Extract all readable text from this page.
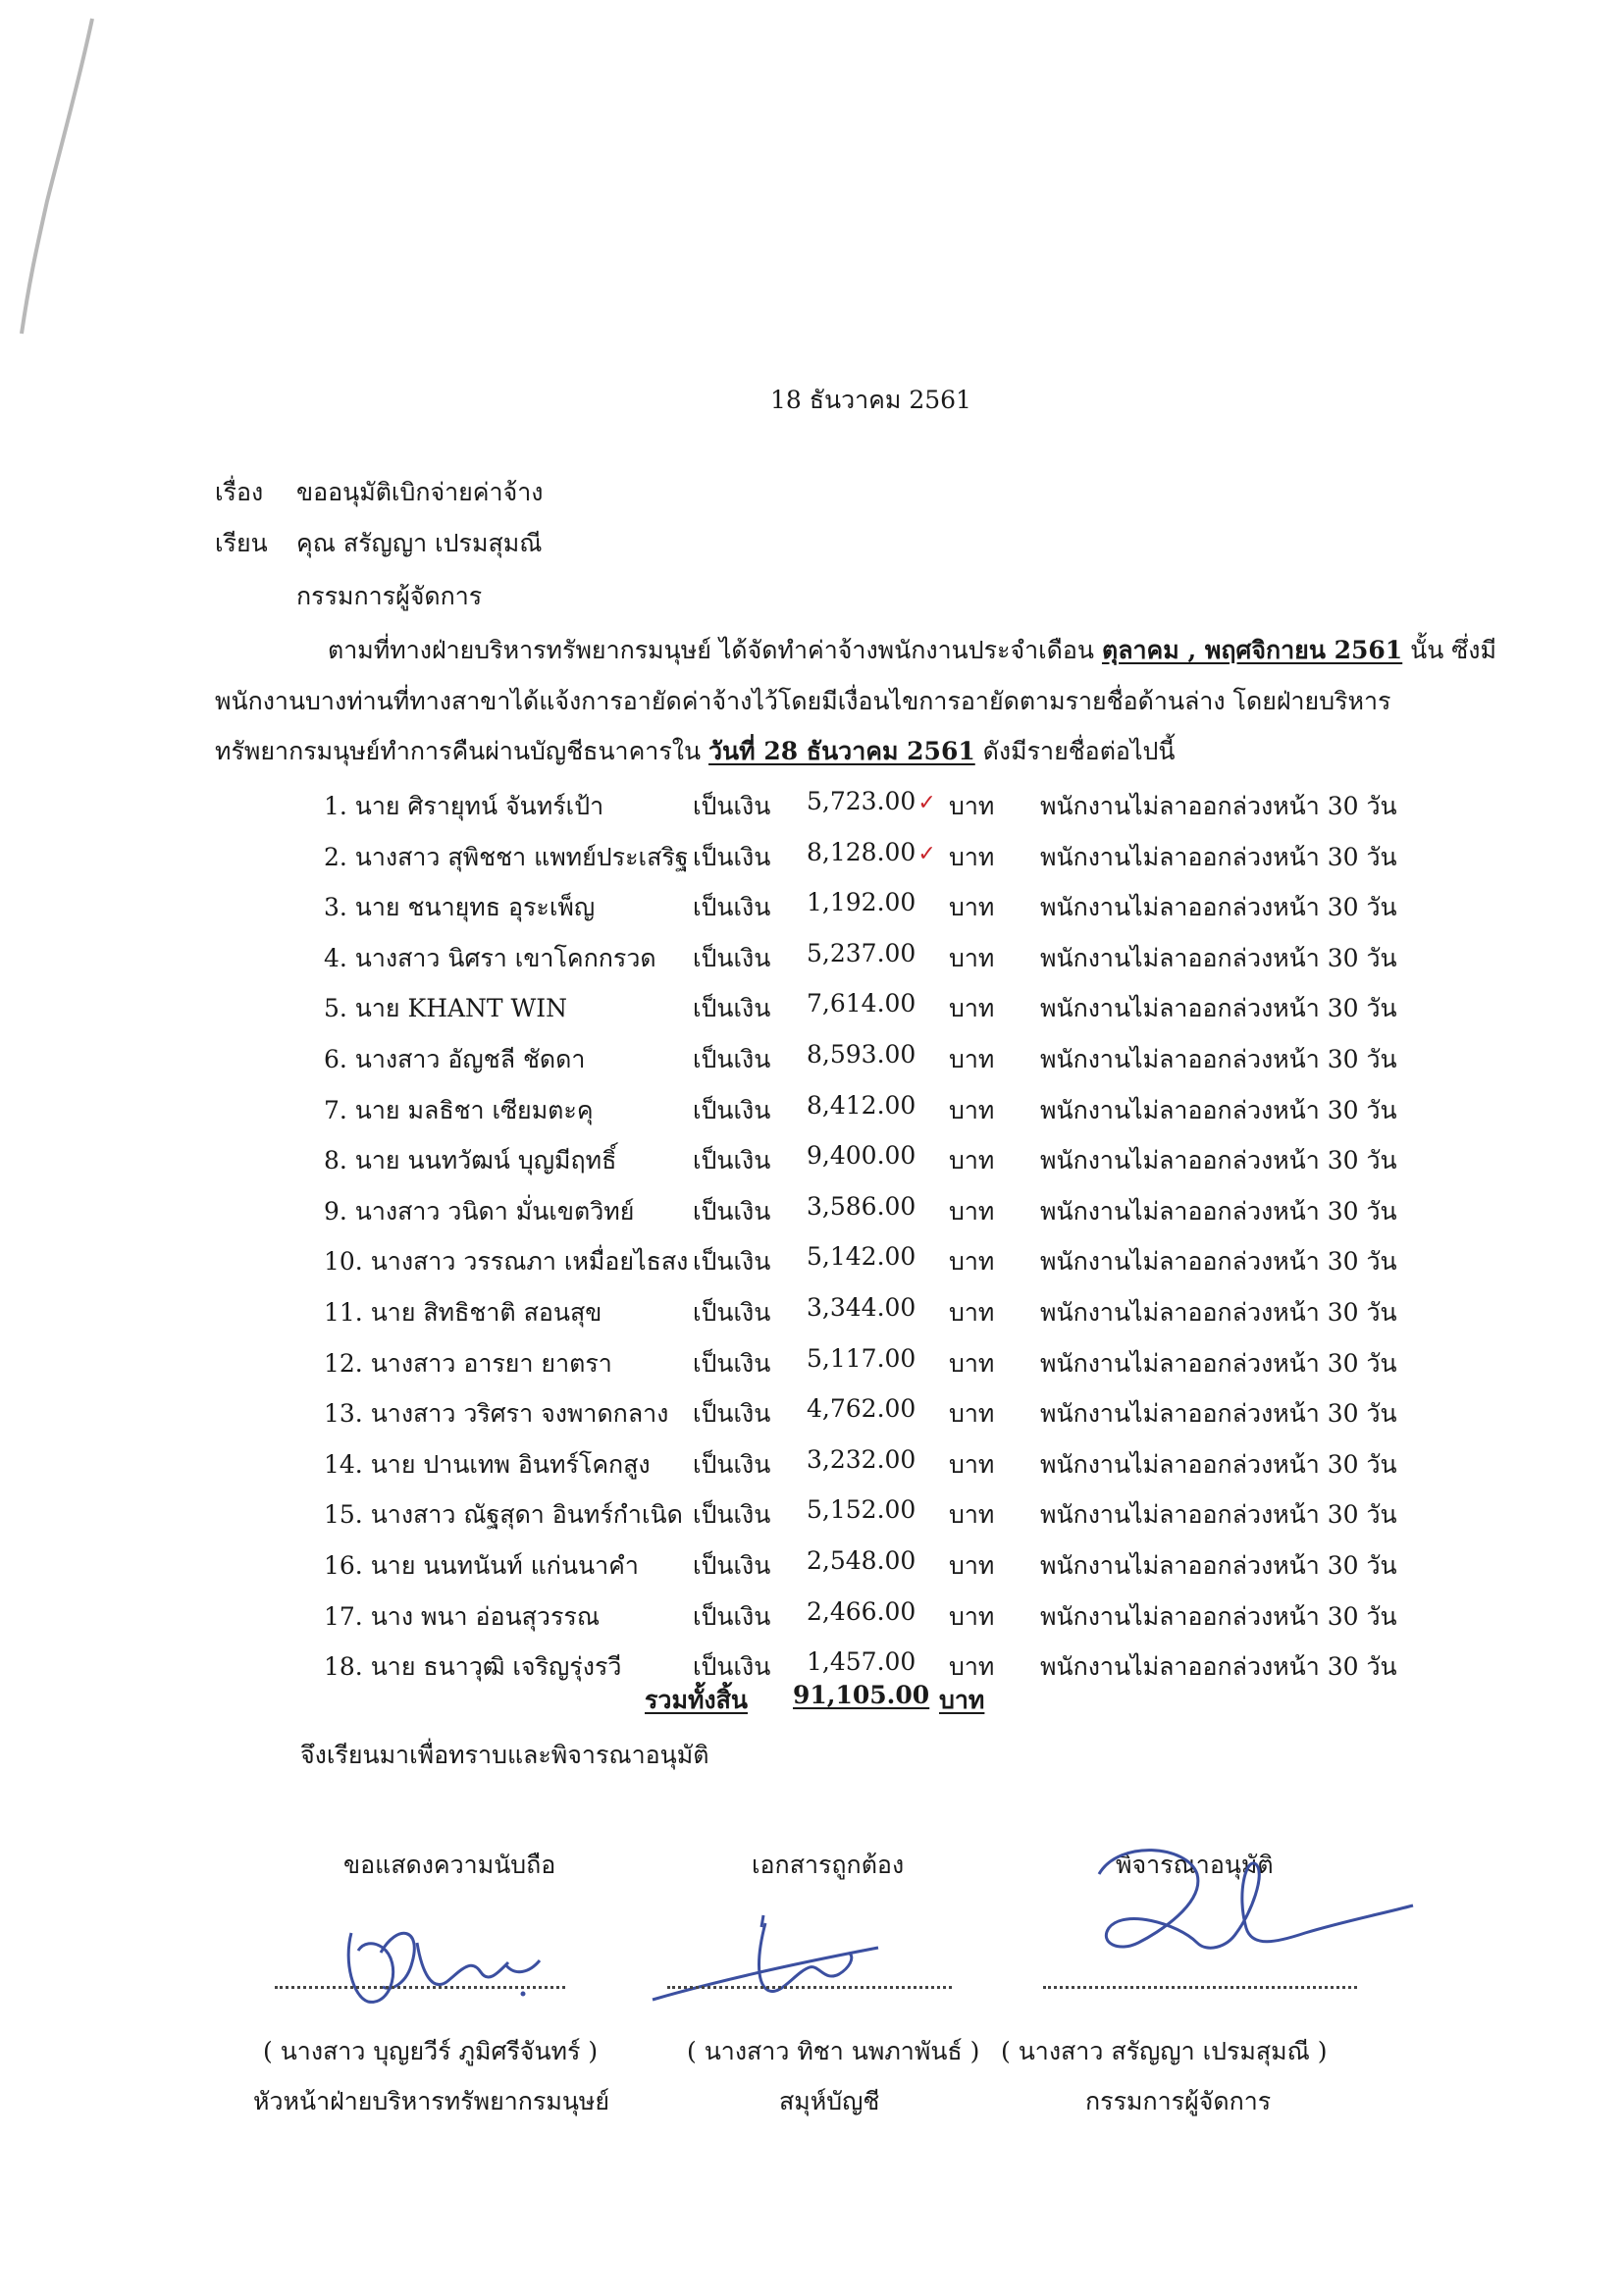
18 ธันวาคม 2561
เรื่อง ขออนุมัติเบิกจ่ายค่าจ้าง
เรียน คุณ สรัญญา เปรมสุมณี
กรรมการผู้จัดการ
ตามที่ทางฝ่ายบริหารทรัพยากรมนุษย์ ได้จัดทำค่าจ้างพนักงานประจำเดือน ตุลาคม , พฤศจิกายน 2561 นั้น ซึ่งมี
พนักงานบางท่านที่ทางสาขาได้แจ้งการอายัดค่าจ้างไว้โดยมีเงื่อนไขการอายัดตามรายชื่อด้านล่าง โดยฝ่ายบริหาร
ทรัพยากรมนุษย์ทำการคืนผ่านบัญชีธนาคารใน วันที่ 28 ธันวาคม 2561 ดังมีรายชื่อต่อไปนี้
1. นาย ศิรายุทน์ จันทร์เป้า	เป็นเงิน 5,723.00✓ บาท พนักงานไม่ลาออกล่วงหน้า 30 วัน
2. นางสาว สุพิชชา แพทย์ประเสริฐ เป็นเงิน 8,128.00✓ บาท พนักงานไม่ลาออกล่วงหน้า 30 วัน
3. นาย ชนายุทธ อุระเพ็ญ	เป็นเงิน 1,192.00 บาท พนักงานไม่ลาออกล่วงหน้า 30 วัน
4. นางสาว นิศรา เขาโคกกรวด เป็นเงิน 5,237.00 บาท พนักงานไม่ลาออกล่วงหน้า 30 วัน
5. นาย KHANT WIN	เป็นเงิน 7,614.00 บาท พนักงานไม่ลาออกล่วงหน้า 30 วัน
6. นางสาว อัญชลี ชัดดา	เป็นเงิน 8,593.00 บาท พนักงานไม่ลาออกล่วงหน้า 30 วัน
7. นาย มลธิชา เซียมตะคุ	เป็นเงิน 8,412.00 บาท พนักงานไม่ลาออกล่วงหน้า 30 วัน
8. นาย นนทวัฒน์ บุญมีฤทธิ์	เป็นเงิน 9,400.00 บาท พนักงานไม่ลาออกล่วงหน้า 30 วัน
9. นางสาว วนิดา มั่นเขตวิทย์ เป็นเงิน 3,586.00 บาท พนักงานไม่ลาออกล่วงหน้า 30 วัน
10. นางสาว วรรณภา เหมื่อยไธสง เป็นเงิน 5,142.00 บาท พนักงานไม่ลาออกล่วงหน้า 30 วัน
11. นาย สิทธิชาติ สอนสุข	เป็นเงิน 3,344.00 บาท พนักงานไม่ลาออกล่วงหน้า 30 วัน
12. นางสาว อารยา ยาตรา	เป็นเงิน 5,117.00 บาท พนักงานไม่ลาออกล่วงหน้า 30 วัน
13. นางสาว วริศรา จงพาดกลาง เป็นเงิน 4,762.00 บาท พนักงานไม่ลาออกล่วงหน้า 30 วัน
14. นาย ปานเทพ อินทร์โคกสูง เป็นเงิน 3,232.00 บาท พนักงานไม่ลาออกล่วงหน้า 30 วัน
15. นางสาว ณัฐสุดา อินทร์กำเนิด เป็นเงิน 5,152.00 บาท พนักงานไม่ลาออกล่วงหน้า 30 วัน
16. นาย นนทนันท์ แก่นนาคำ เป็นเงิน 2,548.00 บาท พนักงานไม่ลาออกล่วงหน้า 30 วัน
17. นาง พนา อ่อนสุวรรณ	เป็นเงิน 2,466.00 บาท พนักงานไม่ลาออกล่วงหน้า 30 วัน
18. นาย ธนาวุฒิ เจริญรุ่งรวี	เป็นเงิน 1,457.00 บาท พนักงานไม่ลาออกล่วงหน้า 30 วัน
รวมทั้งสิ้น 91,105.00 บาท
จึงเรียนมาเพื่อทราบและพิจารณาอนุมัติ
ขอแสดงความนับถือ	เอกสารถูกต้อง	พิจารณาอนุมัติ
( นางสาว บุญยวีร์ ภูมิศรีจันทร์ )	( นางสาว ทิชา นพภาพันธ์ ) ( นางสาว สรัญญา เปรมสุมณี )
หัวหน้าฝ่ายบริหารทรัพยากรมนุษย์	สมุห์บัญชี	กรรมการผู้จัดการ
